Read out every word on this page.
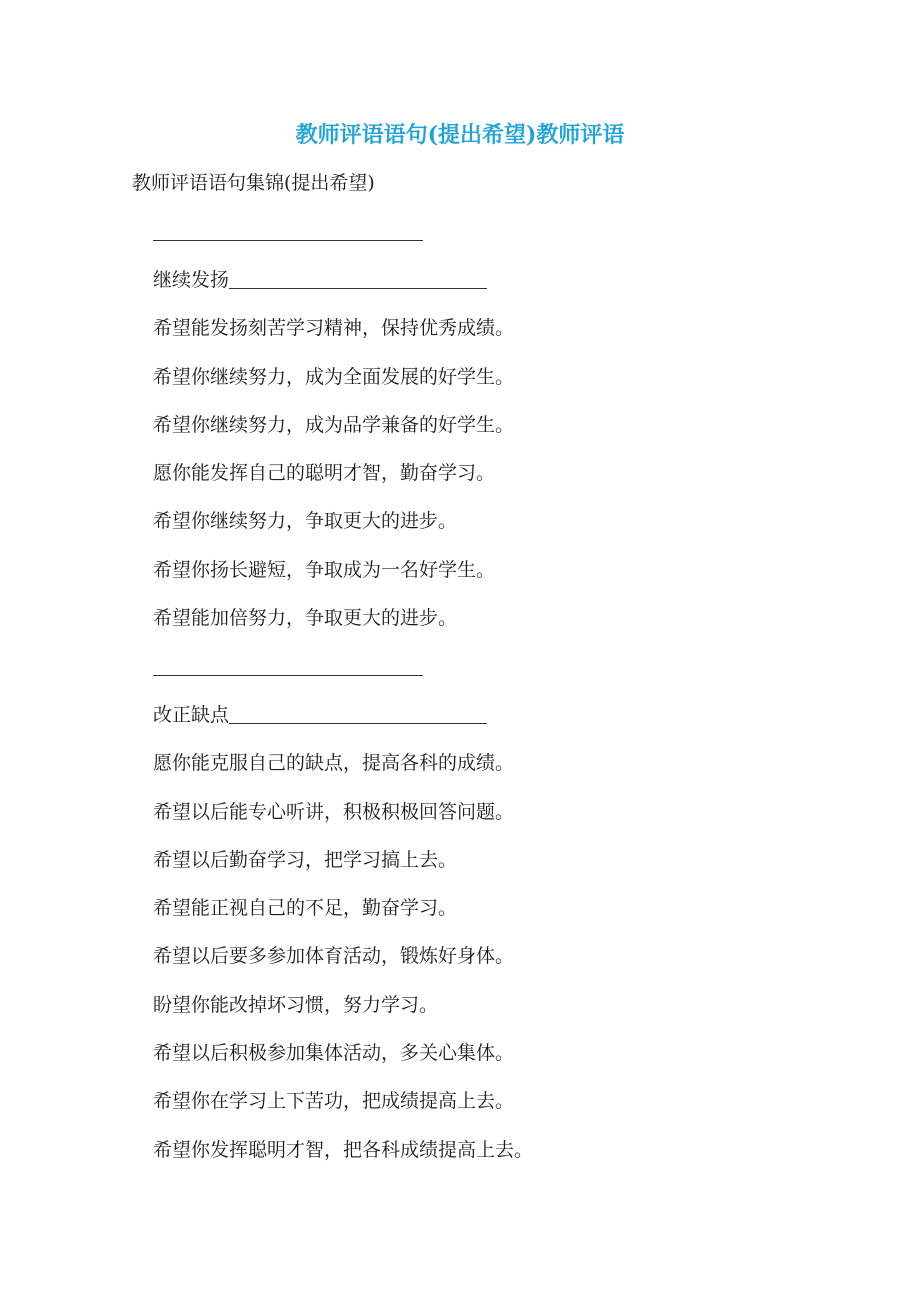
教师评语语句(提出希望)教师评语

教师评语语句集锦(提出希望)

继续发扬
希望能发扬刻苦学习精神，保持优秀成绩。
希望你继续努力，成为全面发展的好学生。
希望你继续努力，成为品学兼备的好学生。
愿你能发挥自己的聪明才智，勤奋学习。
希望你继续努力，争取更大的进步。
希望你扬长避短，争取成为一名好学生。
希望能加倍努力，争取更大的进步。
改正缺点
愿你能克服自己的缺点，提高各科的成绩。
希望以后能专心听讲，积极积极回答问题。
希望以后勤奋学习，把学习搞上去。
希望能正视自己的不足，勤奋学习。
希望以后要多参加体育活动，锻炼好身体。
盼望你能改掉坏习惯，努力学习。
希望以后积极参加集体活动，多关心集体。
希望你在学习上下苦功，把成绩提高上去。
希望你发挥聪明才智，把各科成绩提高上去。
